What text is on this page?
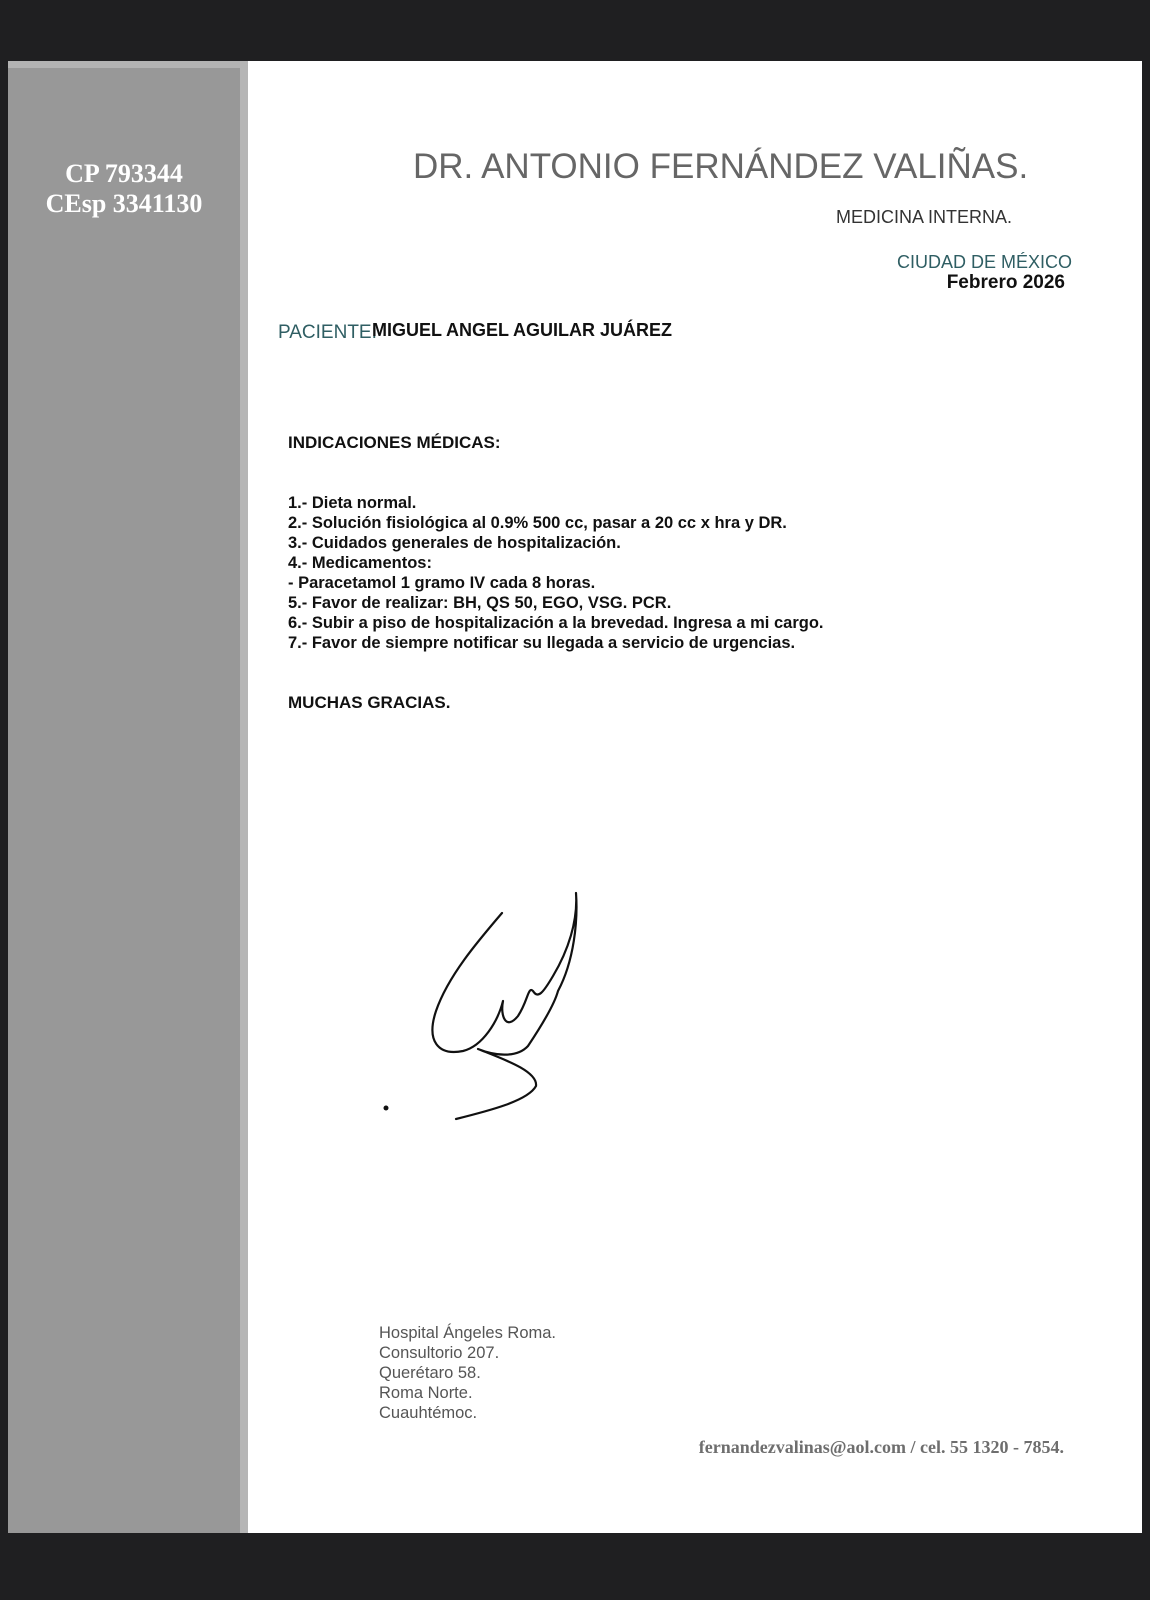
CP 793344
CEsp 3341130
DR. ANTONIO FERNÁNDEZ VALIÑAS.
MEDICINA INTERNA.
CIUDAD DE MÉXICO
Febrero 2026
PACIENTE:
MIGUEL ANGEL AGUILAR JUÁREZ
INDICACIONES MÉDICAS:
1.- Dieta normal.
2.- Solución fisiológica al 0.9% 500 cc, pasar a 20 cc x hra y DR.
3.- Cuidados generales de hospitalización.
4.- Medicamentos:
- Paracetamol 1 gramo IV cada 8 horas.
5.- Favor de realizar: BH, QS 50, EGO, VSG. PCR.
6.- Subir a piso de hospitalización a la brevedad. Ingresa a mi cargo.
7.- Favor de siempre notificar su llegada a servicio de urgencias.
MUCHAS GRACIAS.
Hospital Ángeles Roma.
Consultorio 207.
Querétaro 58.
Roma Norte.
Cuauhtémoc.
fernandezvalinas@aol.com / cel. 55 1320 - 7854.
